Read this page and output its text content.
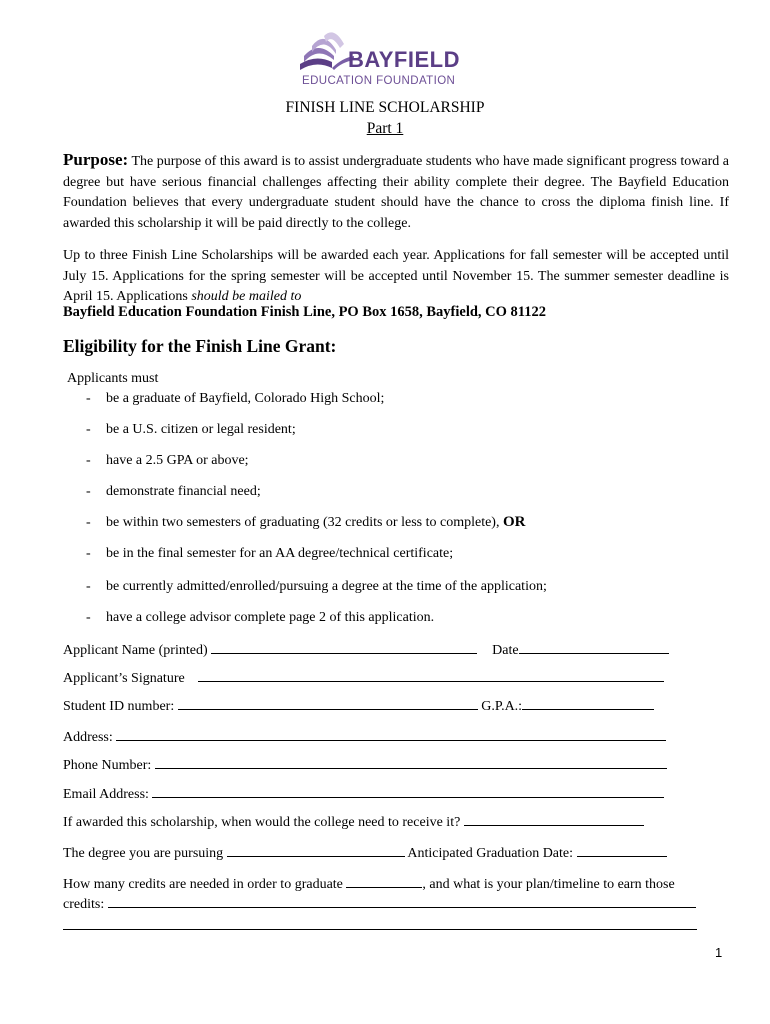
BAYFIELD
EDUCATION FOUNDATION
FINISH LINE SCHOLARSHIP
Part 1
Purpose: The purpose of this award is to assist undergraduate students who have made significant progress toward a degree but have serious financial challenges affecting their ability complete their degree. The Bayfield Education Foundation believes that every undergraduate student should have the chance to cross the diploma finish line. If awarded this scholarship it will be paid directly to the college.
Up to three Finish Line Scholarships will be awarded each year. Applications for fall semester will be accepted until July 15. Applications for the spring semester will be accepted until November 15. The summer semester deadline is April 15. Applications should be mailed to
Bayfield Education Foundation Finish Line, PO Box 1658, Bayfield, CO 81122
Eligibility for the Finish Line Grant:
Applicants must
- be a graduate of Bayfield, Colorado High School;
- be a U.S. citizen or legal resident;
- have a 2.5 GPA or above;
- demonstrate financial need;
- be within two semesters of graduating (32 credits or less to complete), OR
- be in the final semester for an AA degree/technical certificate;
- be currently admitted/enrolled/pursuing a degree at the time of the application;
- have a college advisor complete page 2 of this application.
Applicant Name (printed)	Date
Applicant’s Signature
Student ID number:	G.P.A.:
Address:
Phone Number:
Email Address:
If awarded this scholarship, when would the college need to receive it?
The degree you are pursuing	Anticipated Graduation Date:
How many credits are needed in order to graduate	, and what is your plan/timeline to earn those
credits:
1
